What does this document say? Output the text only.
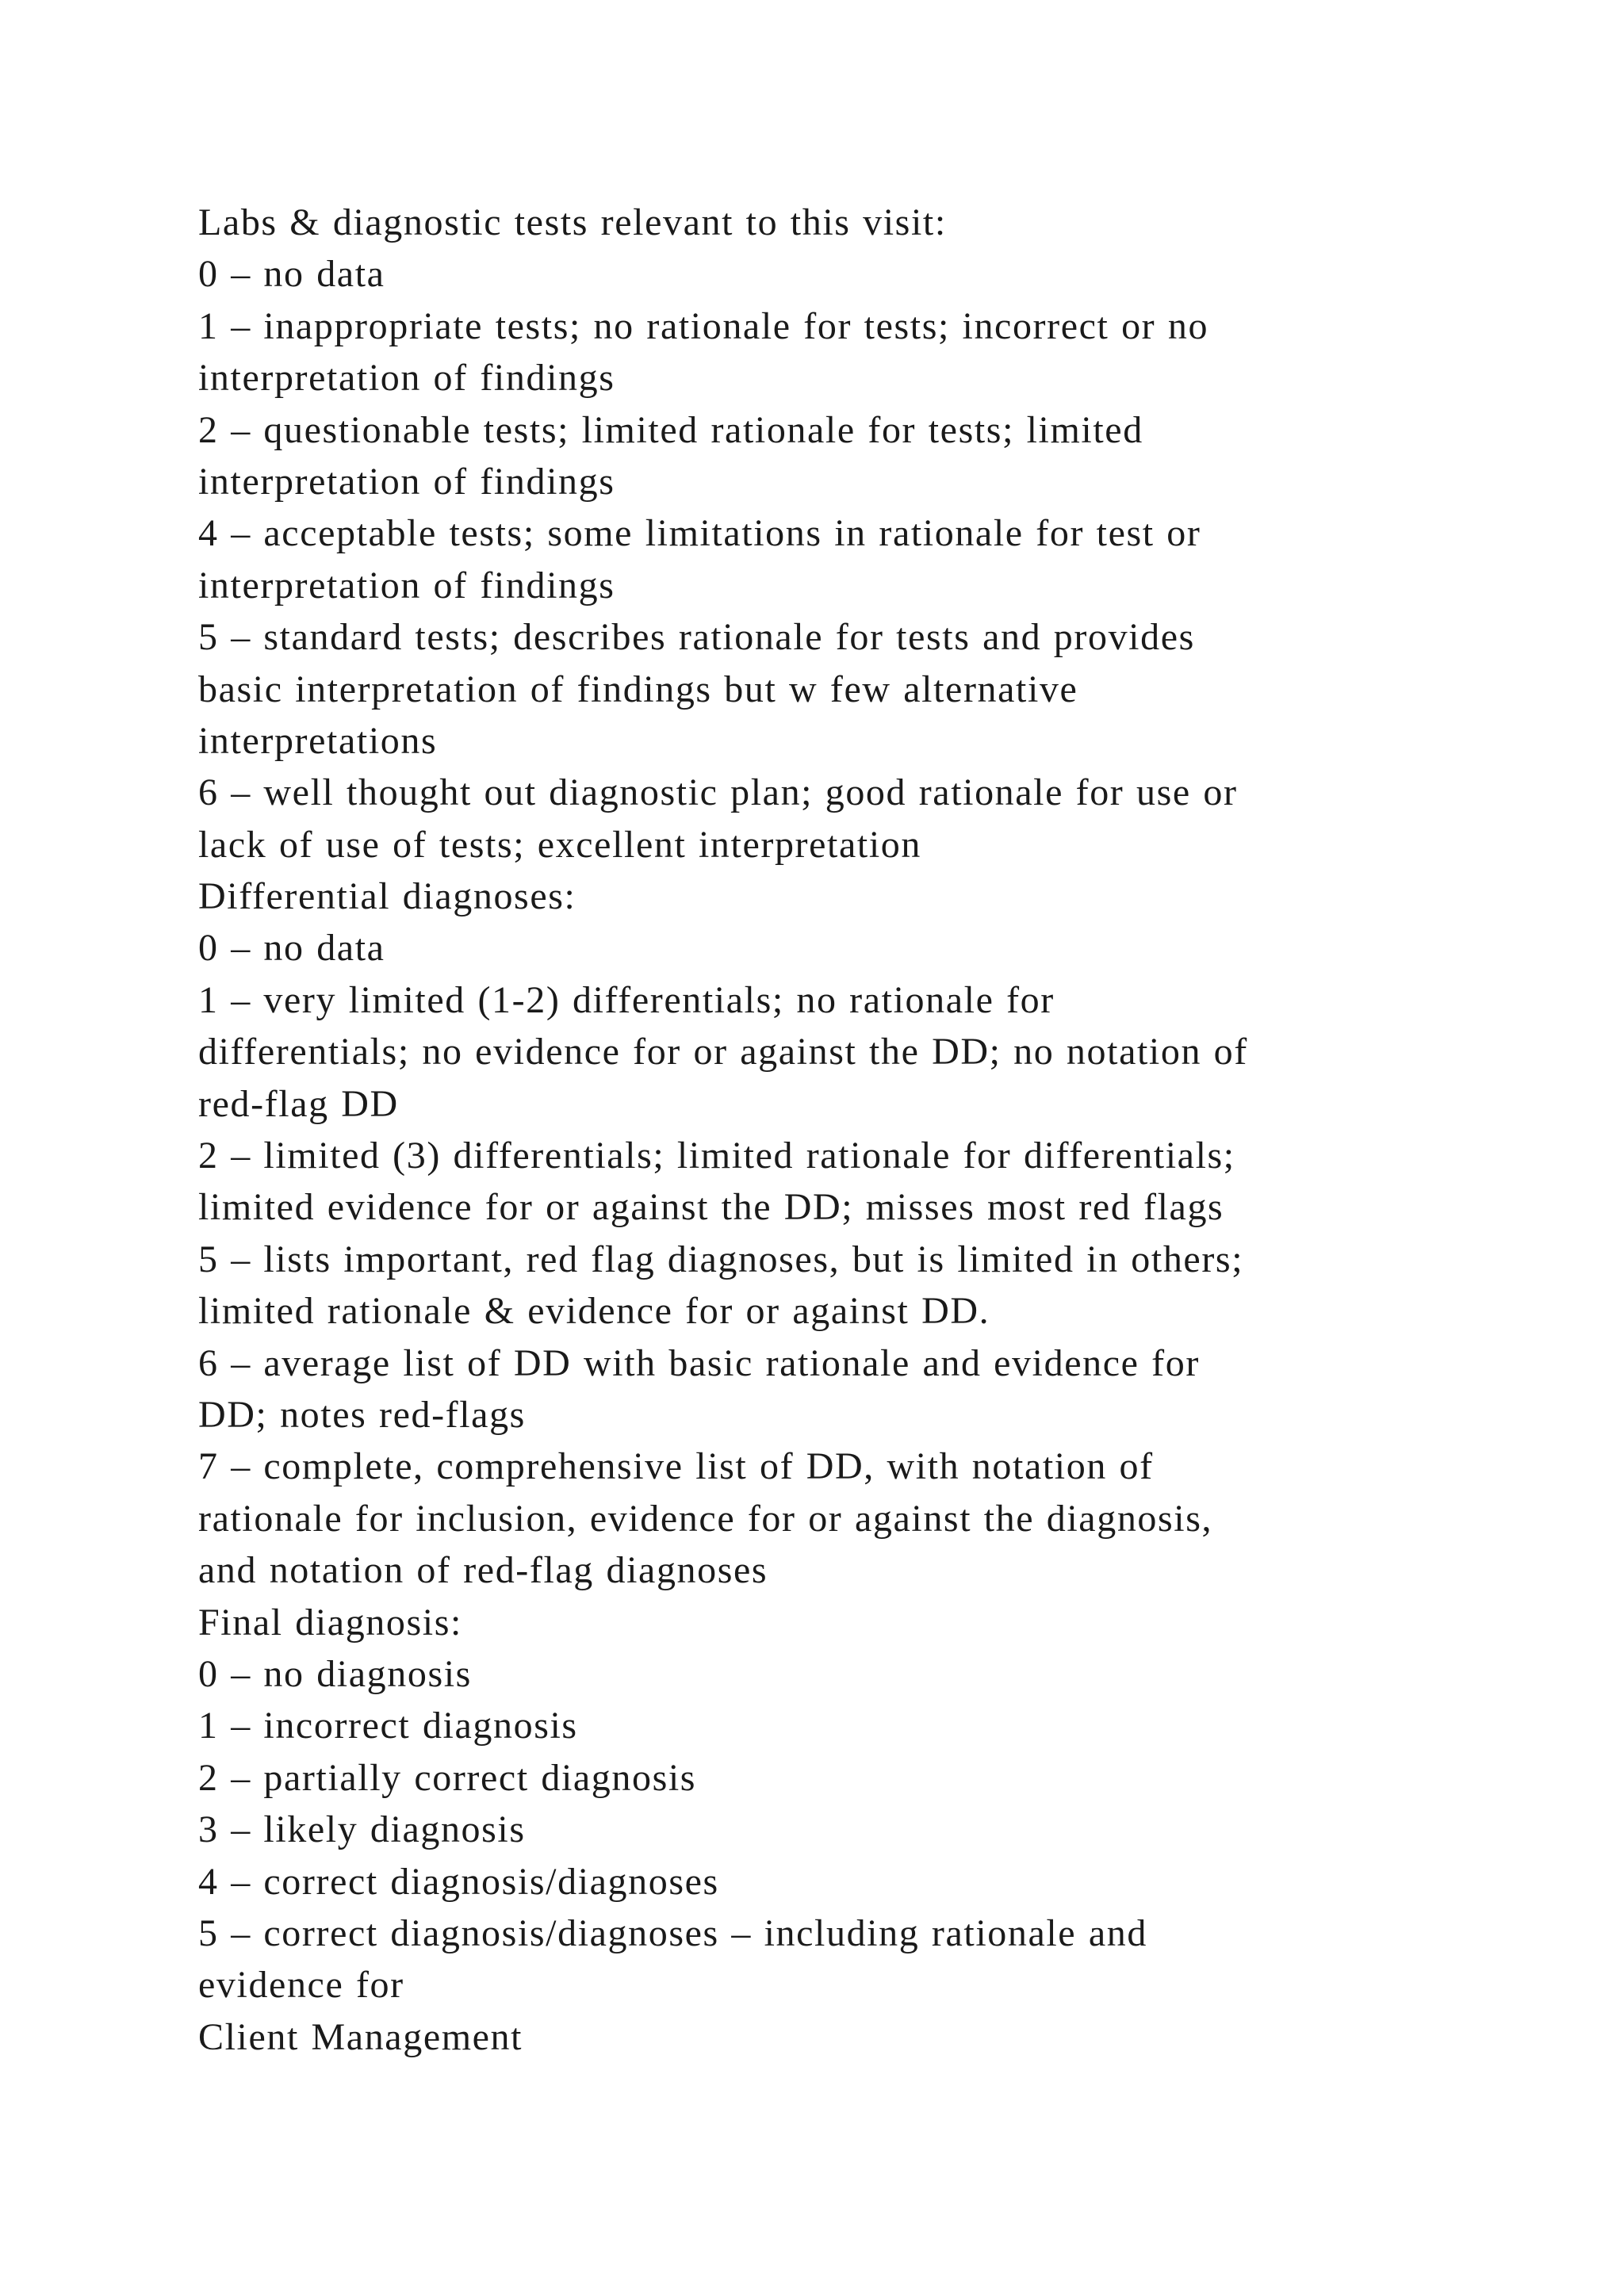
Labs & diagnostic tests relevant to this visit:
0 – no data
1 – inappropriate tests; no rationale for tests; incorrect or no
interpretation of findings
2 – questionable tests; limited rationale for tests; limited
interpretation of findings
4 – acceptable tests; some limitations in rationale for test or
interpretation of findings
5 – standard tests; describes rationale for tests and provides
basic interpretation of findings but w few alternative
interpretations
6 – well thought out diagnostic plan; good rationale for use or
lack of use of tests; excellent interpretation
Differential diagnoses:
0 – no data
1 – very limited (1-2) differentials; no rationale for
differentials; no evidence for or against the DD; no notation of
red-flag DD
2 – limited (3) differentials; limited rationale for differentials;
limited evidence for or against the DD; misses most red flags
5 – lists important, red flag diagnoses, but is limited in others;
limited rationale & evidence for or against DD.
6 – average list of DD with basic rationale and evidence for
DD; notes red-flags
7 – complete, comprehensive list of DD, with notation of
rationale for inclusion, evidence for or against the diagnosis,
and notation of red-flag diagnoses
Final diagnosis:
0 – no diagnosis
1 – incorrect diagnosis
2 – partially correct diagnosis
3 – likely diagnosis
4 – correct diagnosis/diagnoses
5 – correct diagnosis/diagnoses – including rationale and
evidence for
Client Management
